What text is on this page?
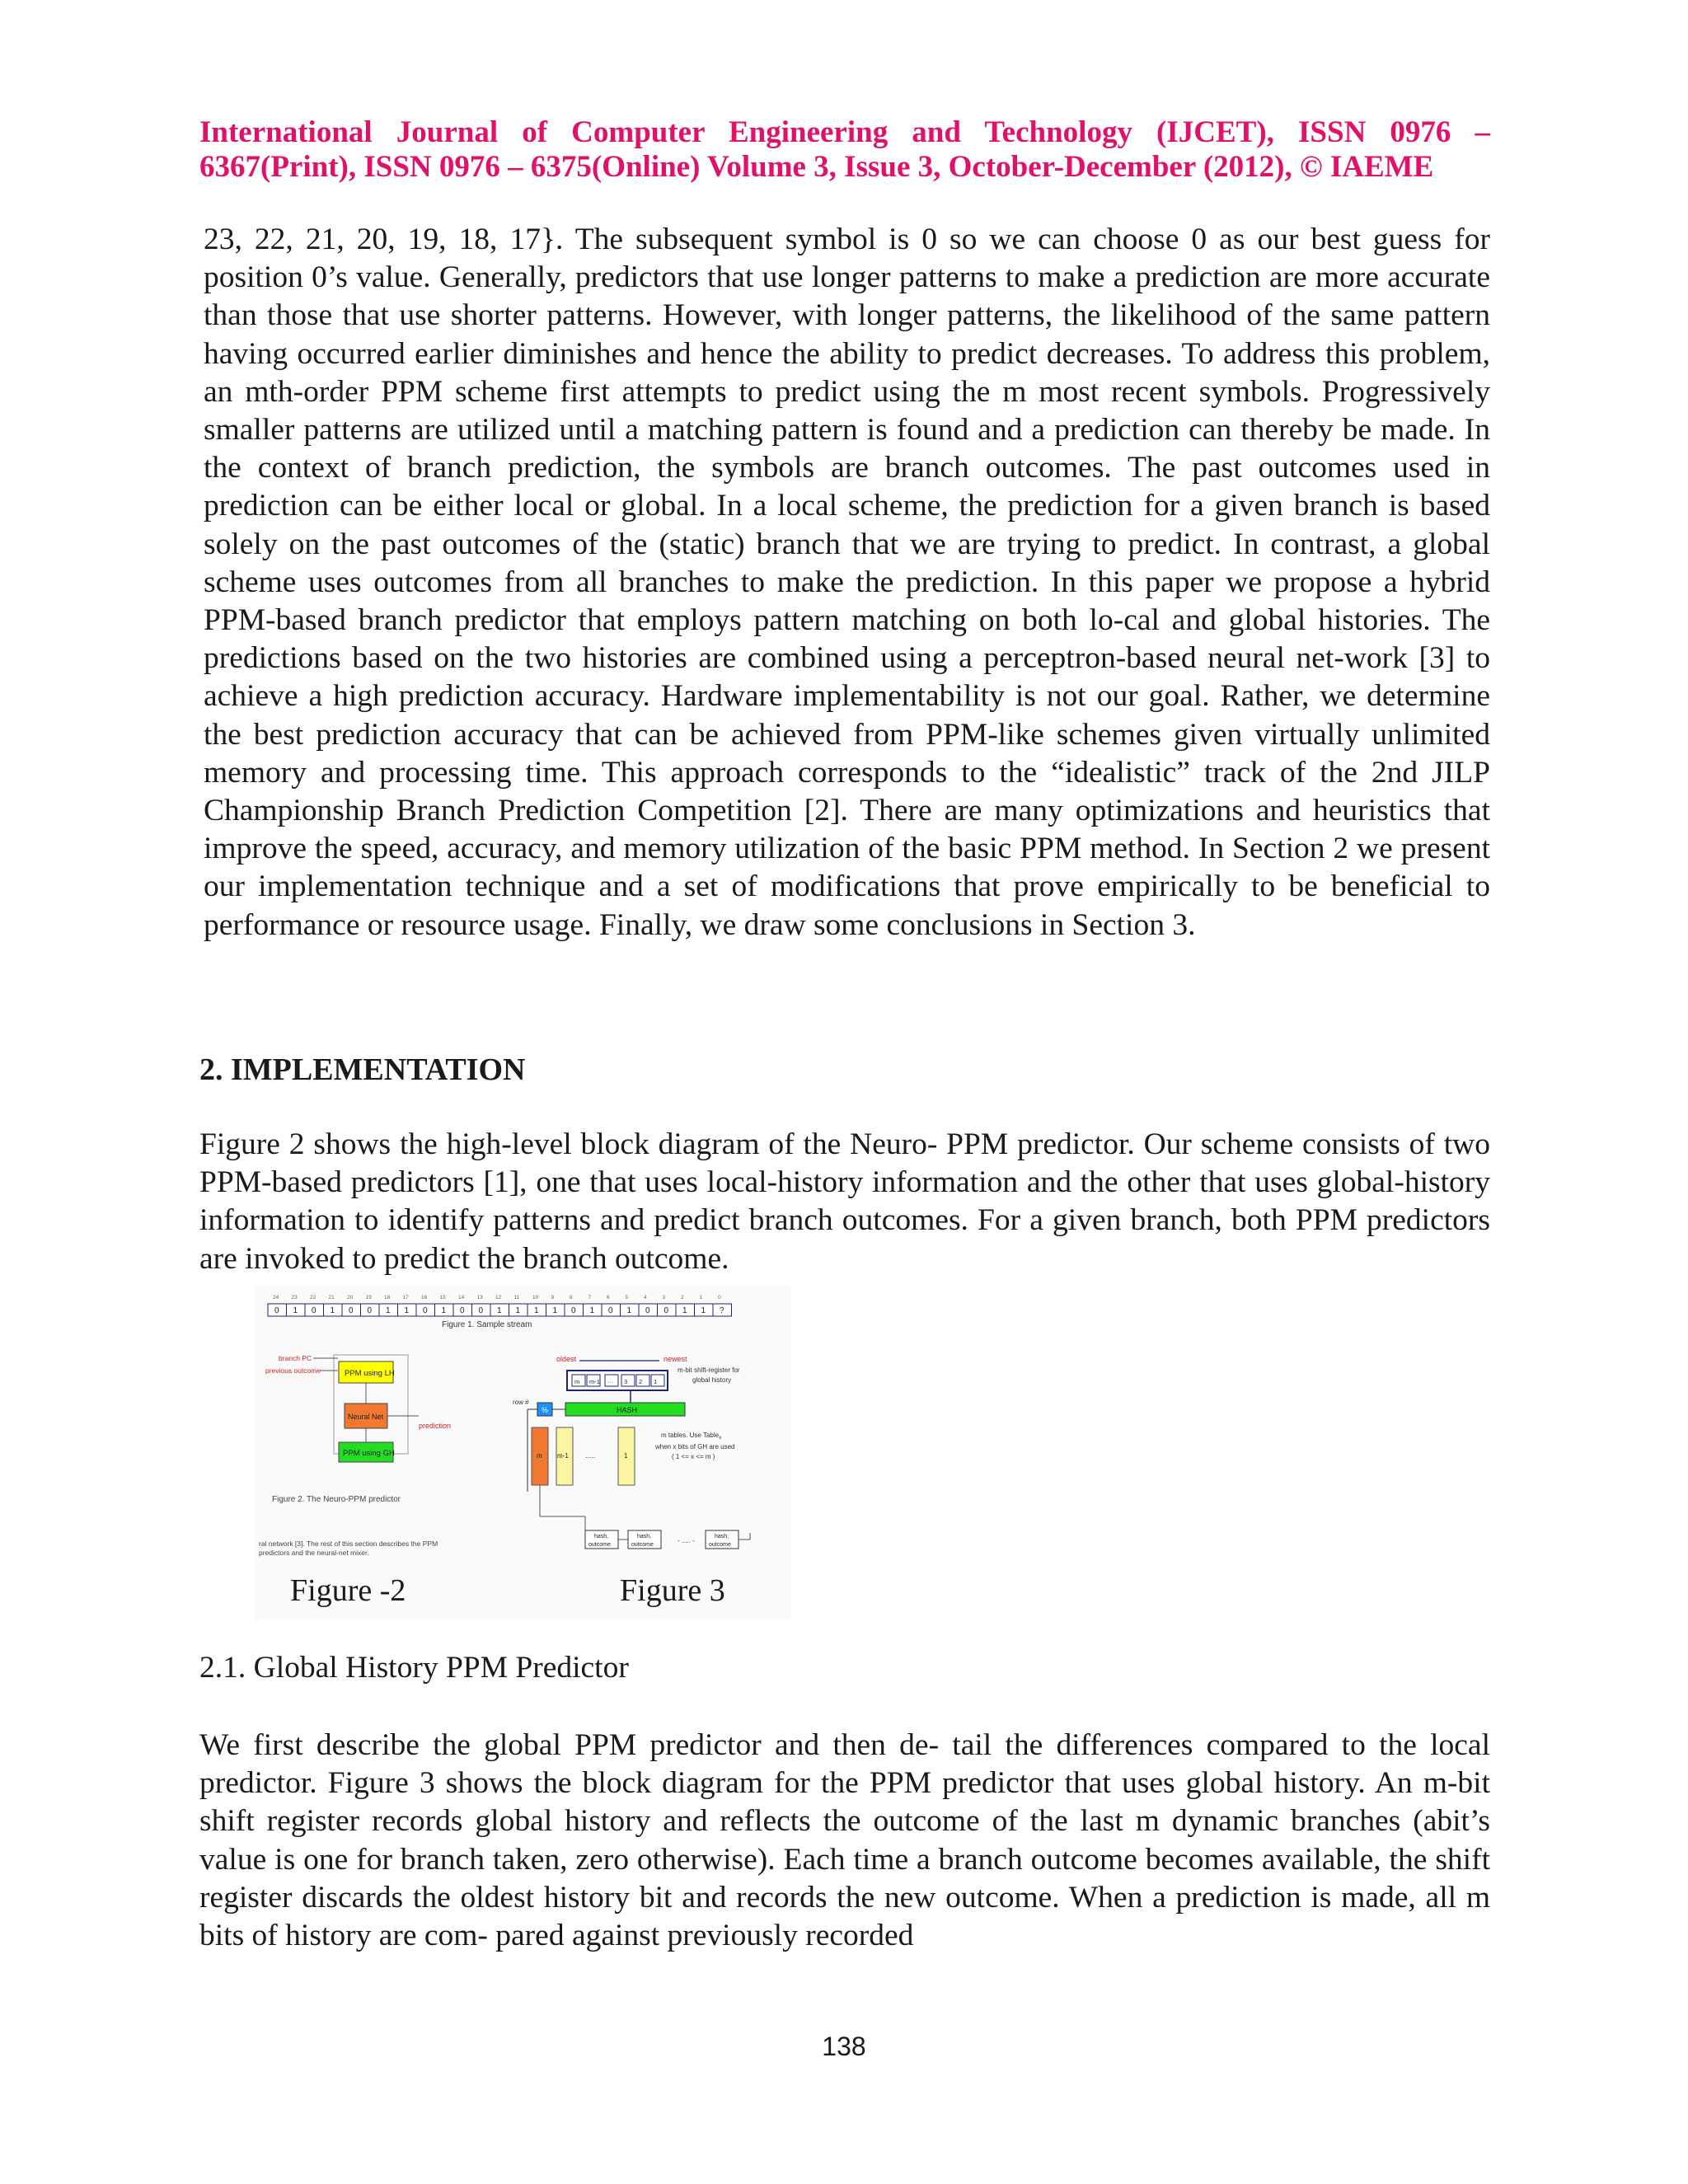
International Journal of Computer Engineering and Technology (IJCET), ISSN 0976 –
6367(Print), ISSN 0976 – 6375(Online) Volume 3, Issue 3, October-December (2012), © IAEME

23, 22, 21, 20, 19, 18, 17}. The subsequent symbol is 0 so we can choose 0 as our best guess for position 0’s value. Generally, predictors that use longer patterns to make a prediction are more accurate than those that use shorter patterns. However, with longer patterns, the likelihood of the same pattern having occurred earlier diminishes and hence the ability to predict decreases. To address this problem, an mth-order PPM scheme first attempts to predict using the m most recent symbols. Progressively smaller patterns are utilized until a matching pattern is found and a prediction can thereby be made. In the context of branch prediction, the symbols are branch outcomes. The past outcomes used in prediction can be either local or global. In a local scheme, the prediction for a given branch is based solely on the past outcomes of the (static) branch that we are trying to predict. In contrast, a global scheme uses outcomes from all branches to make the prediction. In this paper we propose a hybrid PPM-based branch predictor that employs pattern matching on both lo-cal and global histories. The predictions based on the two histories are combined using a perceptron-based neural net-work [3] to achieve a high prediction accuracy. Hardware implementability is not our goal. Rather, we determine the best prediction accuracy that can be achieved from PPM-like schemes given virtually unlimited memory and processing time. This approach corresponds to the “idealistic” track of the 2nd JILP Championship Branch Prediction Competition [2]. There are many optimizations and heuristics that improve the speed, accuracy, and memory utilization of the basic PPM method. In Section 2 we present our implementation technique and a set of modifications that prove empirically to be beneficial to performance or resource usage. Finally, we draw some conclusions in Section 3.

2. IMPLEMENTATION

Figure 2 shows the high-level block diagram of the Neuro- PPM predictor. Our scheme consists of two PPM-based predictors [1], one that uses local-history information and the other that uses global-history information to identify patterns and predict branch outcomes. For a given branch, both PPM predictors are invoked to predict the branch outcome.

24 23 22 21 20 19 18 17 16 15 14 13 12 11 10 9	8	7	6	5	4	3	2	1	0
0 1 0 1 0 0 1 1 0 1 0 0 1 1 1 1 0 1 0 1 0 0 1 1 ?
Figure 1. Sample stream
branch PC
previous outcome	PPM using LH
Neural Net
prediction
PPM using GH
Figure 2. The Neuro-PPM predictor
ral network [3]. The rest of this section describes the PPM
predictors and the neural-net mixer.
oldest	newest
m m-1 ··· 3 2 1
m-bit shift-register for
global history
row #
%	HASH
m m-1 .....	1
m tables. Use Table$_x$
when x bits of GH are used
( 1 <= x <= m )
hash,
outcome
hash,
outcome
hash,
outcome
- ..... -
Figure -2	Figure 3
2.1. Global History PPM Predictor

We first describe the global PPM predictor and then de- tail the differences compared to the local predictor. Figure 3 shows the block diagram for the PPM predictor that uses global history. An m-bit shift register records global history and reflects the outcome of the last m dynamic branches (abit’s value is one for branch taken, zero otherwise). Each time a branch outcome becomes available, the shift register discards the oldest history bit and records the new outcome. When a prediction is made, all m bits of history are com- pared against previously recorded

138
